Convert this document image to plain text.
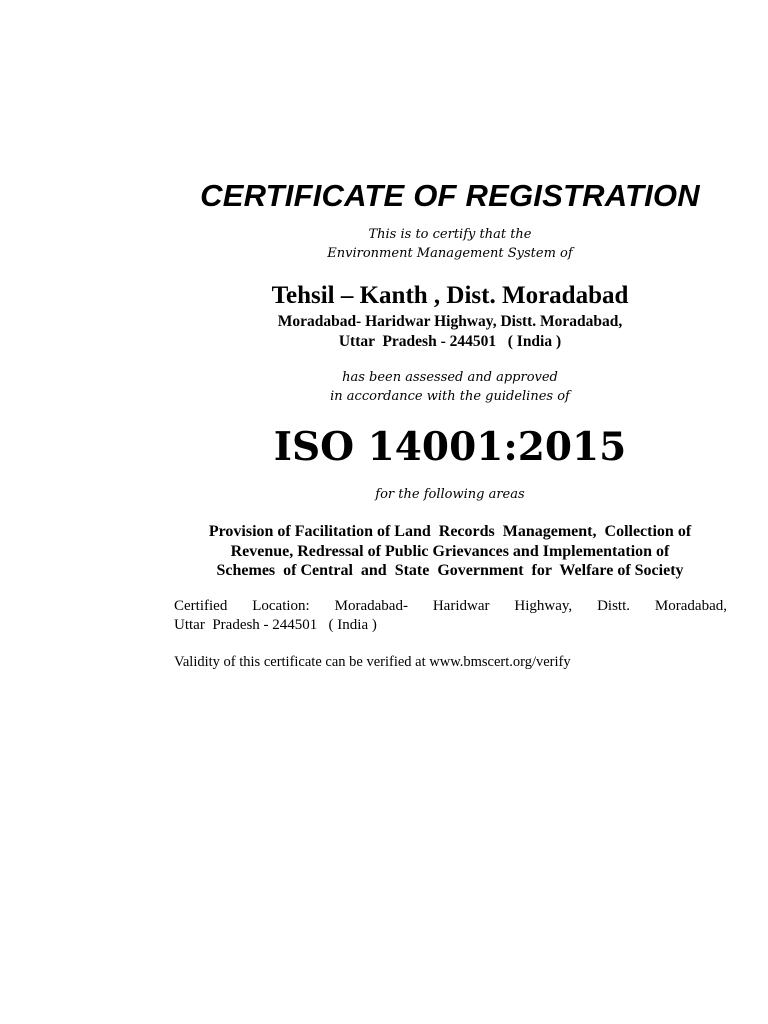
CERTIFICATE OF REGISTRATION
This is to certify that the
Environment Management System of
Tehsil – Kanth , Dist. Moradabad
Moradabad- Haridwar Highway, Distt. Moradabad,
Uttar  Pradesh - 244501   ( India )
has been assessed and approved
in accordance with the guidelines of
ISO 14001:2015
for the following areas
Provision of Facilitation of Land  Records  Management,  Collection of
Revenue, Redressal of Public Grievances and Implementation of
Schemes  of Central  and  State  Government  for  Welfare of Society
Certified Location: Moradabad- Haridwar Highway, Distt. Moradabad,
Uttar  Pradesh - 244501   ( India )
Validity of this certificate can be verified at www.bmscert.org/verify
